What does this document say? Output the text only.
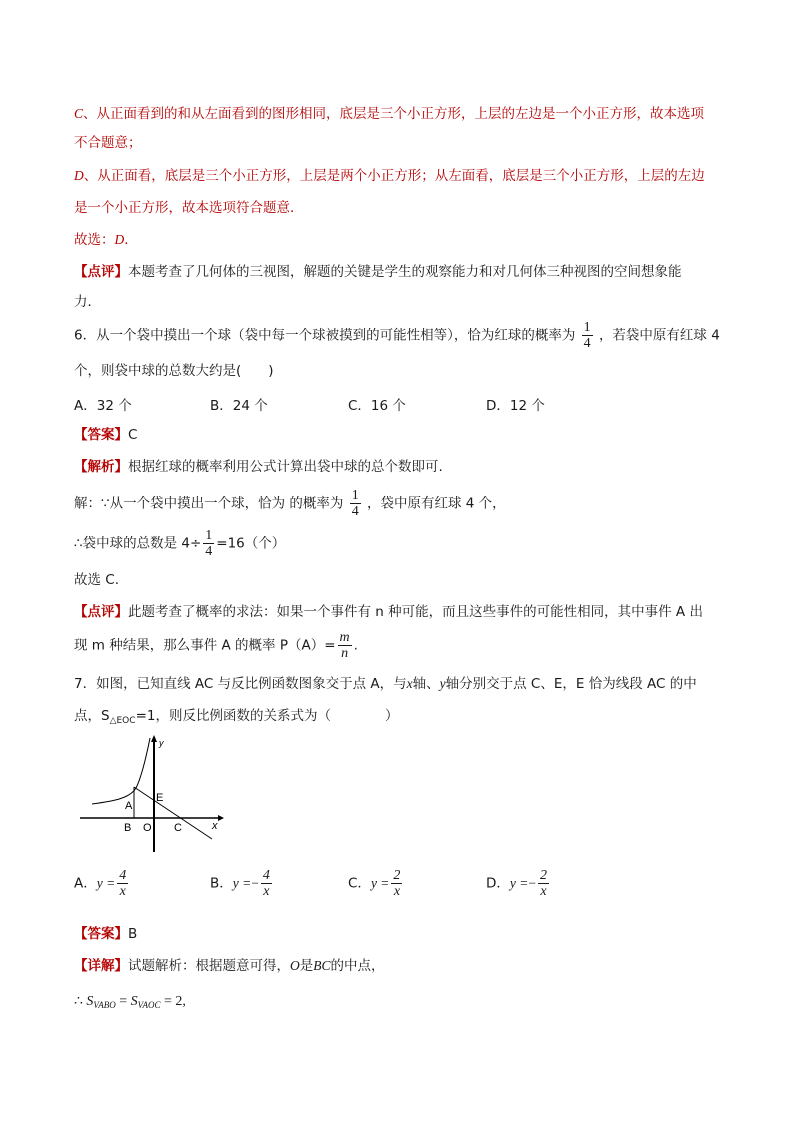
C、从正面看到的和从左面看到的图形相同，底层是三个小正方形，上层的左边是一个小正方形，故本选项
不合题意；
D、从正面看，底层是三个小正方形，上层是两个小正方形；从左面看，底层是三个小正方形，上层的左边
是一个小正方形，故本选项符合题意．
故选：D．
【点评】本题考查了几何体的三视图，解题的关键是学生的观察能力和对几何体三种视图的空间想象能
力．
6．从一个袋中摸出一个球（袋中每一个球被摸到的可能性相等），恰为红球的概率为 $\frac{1}{4}$ ，若袋中原有红球 4
个，则袋中球的总数大约是(　　)
A．32 个	B．24 个	C．16 个	D．12 个
【答案】C
【解析】根据红球的概率利用公式计算出袋中球的总个数即可.
解：∵从一个袋中摸出一个球，恰为 的概率为 $\frac{1}{4}$ ，袋中原有红球 4 个，
∴袋中球的总数是 $4\div \frac{1}{4} =16$（个）
故选 C.
【点评】此题考查了概率的求法：如果一个事件有 n 种可能，而且这些事件的可能性相同，其中事件 A 出
现 m 种结果，那么事件 A 的概率 $P(A)= \frac{m}{n}$ .
7．如图，已知直线 AC 与反比例函数图象交于点 A，与x轴、y轴分别交于点 C、E，E 恰为线段 AC 的中
点，$S_{\triangle EOC}=1$，则反比例函数的关系式为（　　　　）
A
E
B O C	x
y
A．$y = \frac{4}{x}$	B．$y =- \frac{4}{x}$	C．$y = \frac{2}{x}$	D．$y =- \frac{2}{x}$
【答案】B
【详解】试题解析：根据题意可得，O是BC的中点，
∴ $S_{VABO} = S_{VAOC} = 2$,
